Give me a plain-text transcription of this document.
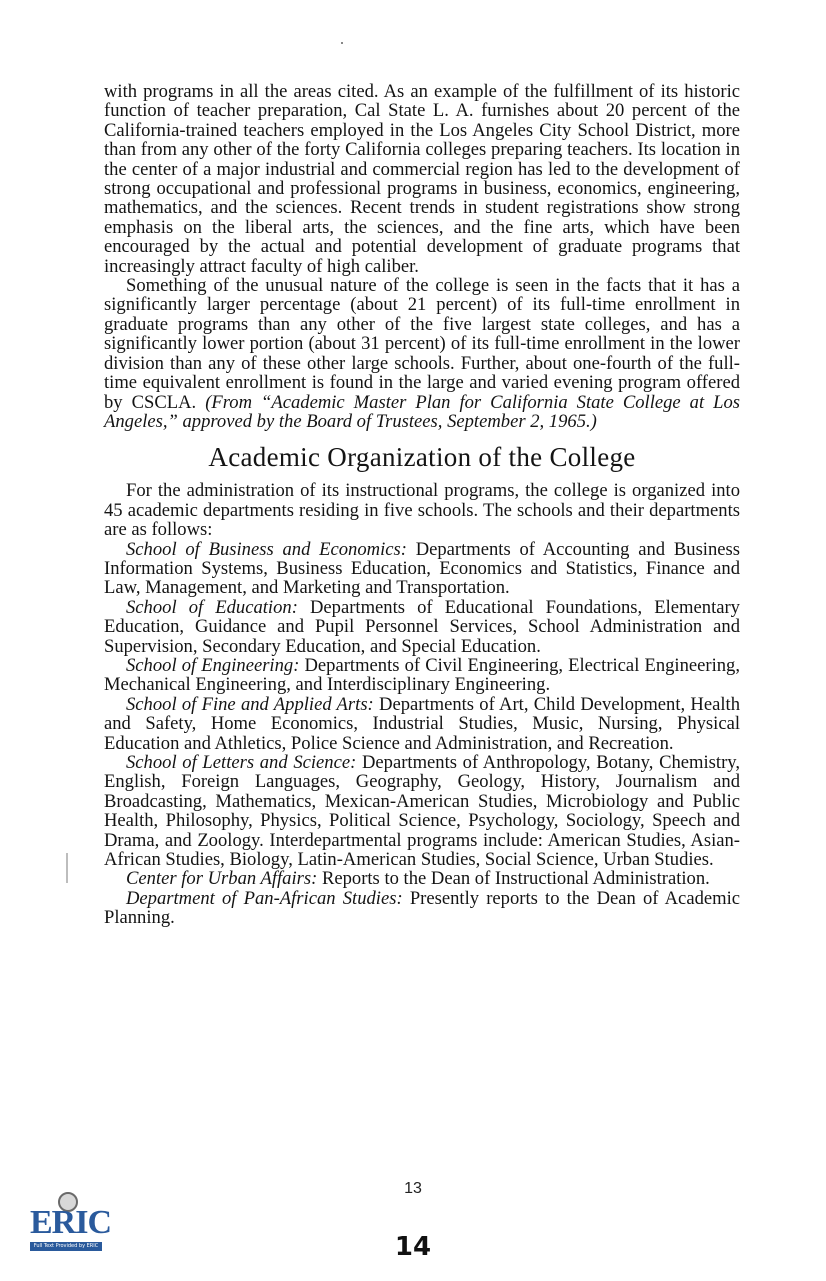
with programs in all the areas cited. As an example of the fulfillment of its historic function of teacher preparation, Cal State L. A. furnishes about 20 percent of the California-trained teachers employed in the Los Angeles City School District, more than from any other of the forty California colleges preparing teachers. Its location in the center of a major industrial and commercial region has led to the development of strong occupational and professional programs in business, economics, engineering, mathematics, and the sciences. Recent trends in student registrations show strong emphasis on the liberal arts, the sciences, and the fine arts, which have been encouraged by the actual and potential development of graduate programs that increasingly attract faculty of high caliber.

Something of the unusual nature of the college is seen in the facts that it has a significantly larger percentage (about 21 percent) of its full-time enrollment in graduate programs than any other of the five largest state colleges, and has a significantly lower portion (about 31 percent) of its full-time enrollment in the lower division than any of these other large schools. Further, about one-fourth of the full-time equivalent enrollment is found in the large and varied evening program offered by CSCLA. (From “Academic Master Plan for California State College at Los Angeles,” approved by the Board of Trustees, September 2, 1965.)

Academic Organization of the College

For the administration of its instructional programs, the college is organized into 45 academic departments residing in five schools. The schools and their departments are as follows:

School of Business and Economics: Departments of Accounting and Business Information Systems, Business Education, Economics and Statistics, Finance and Law, Management, and Marketing and Transportation.

School of Education: Departments of Educational Foundations, Elementary Education, Guidance and Pupil Personnel Services, School Administration and Supervision, Secondary Education, and Special Education.

School of Engineering: Departments of Civil Engineering, Electrical Engineering, Mechanical Engineering, and Interdisciplinary Engineering.

School of Fine and Applied Arts: Departments of Art, Child Development, Health and Safety, Home Economics, Industrial Studies, Music, Nursing, Physical Education and Athletics, Police Science and Administration, and Recreation.

School of Letters and Science: Departments of Anthropology, Botany, Chemistry, English, Foreign Languages, Geography, Geology, History, Journalism and Broadcasting, Mathematics, Mexican-American Studies, Microbiology and Public Health, Philosophy, Physics, Political Science, Psychology, Sociology, Speech and Drama, and Zoology. Interdepartmental programs include: American Studies, Asian-African Studies, Biology, Latin-American Studies, Social Science, Urban Studies.

Center for Urban Affairs: Reports to the Dean of Instructional Administration.

Department of Pan-African Studies: Presently reports to the Dean of Academic Planning.

13
ERIC
Full Text Provided by ERIC	14
